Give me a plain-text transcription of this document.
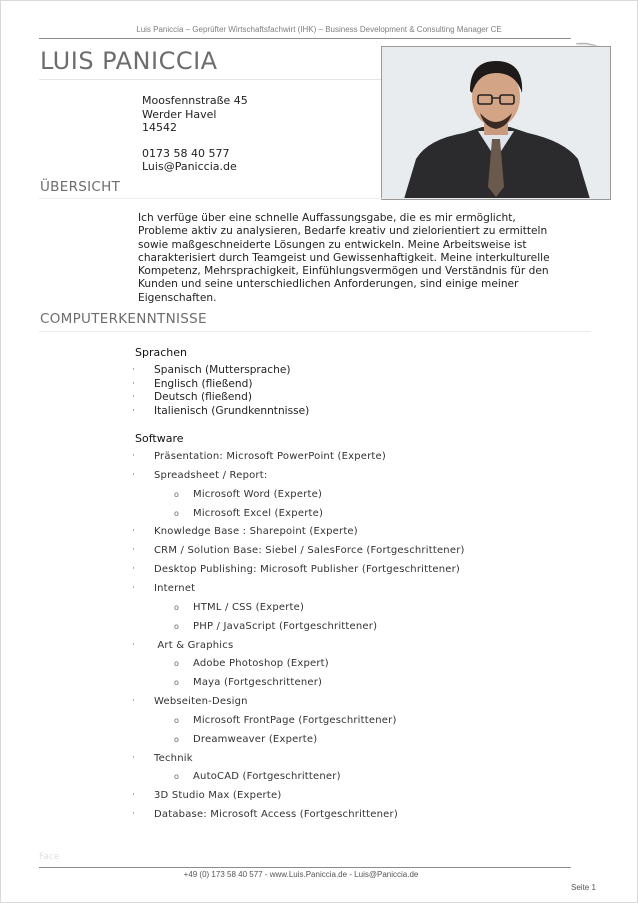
Luis Paniccia – Geprüfter Wirtschaftsfachwirt (IHK) – Business Development & Consulting Manager CE
LUIS PANICCIA
Moosfennstraße 45
Werder Havel
14542
0173 58 40 577
Luis@Paniccia.de
ÜBERSICHT
Ich verfüge über eine schnelle Auffassungsgabe, die es mir ermöglicht, Probleme aktiv zu analysieren, Bedarfe kreativ und zielorientiert zu ermitteln sowie maßgeschneiderte Lösungen zu entwickeln. Meine Arbeitsweise ist charakterisiert durch Teamgeist und Gewissenhaftigkeit. Meine interkulturelle Kompetenz, Mehrsprachigkeit, Einfühlungsvermögen und Verständnis für den Kunden und seine unterschiedlichen Anforderungen, sind einige meiner Eigenschaften.
COMPUTERKENNTNISSE
Sprachen
· Spanisch (Muttersprache)
· Englisch (fließend)
· Deutsch (fließend)
· Italienisch (Grundkenntnisse)
Software
· Präsentation: Microsoft PowerPoint (Experte)
· Spreadsheet / Report:
o Microsoft Word (Experte)
o Microsoft Excel (Experte)
· Knowledge Base : Sharepoint (Experte)
· CRM / Solution Base: Siebel / SalesForce (Fortgeschrittener)
· Desktop Publishing: Microsoft Publisher (Fortgeschrittener)
· Internet
o HTML / CSS (Experte)
o PHP / JavaScript (Fortgeschrittener)
· Art & Graphics
o Adobe Photoshop (Expert)
o Maya (Fortgeschrittener)
· Webseiten-Design
o Microsoft FrontPage (Fortgeschrittener)
o Dreamweaver (Experte)
· Technik
o AutoCAD (Fortgeschrittener)
· 3D Studio Max (Experte)
· Database: Microsoft Access (Fortgeschrittener)
Face
+49 (0) 173 58 40 577 - www.Luis.Paniccia.de - Luis@Paniccia.de
Seite 1
